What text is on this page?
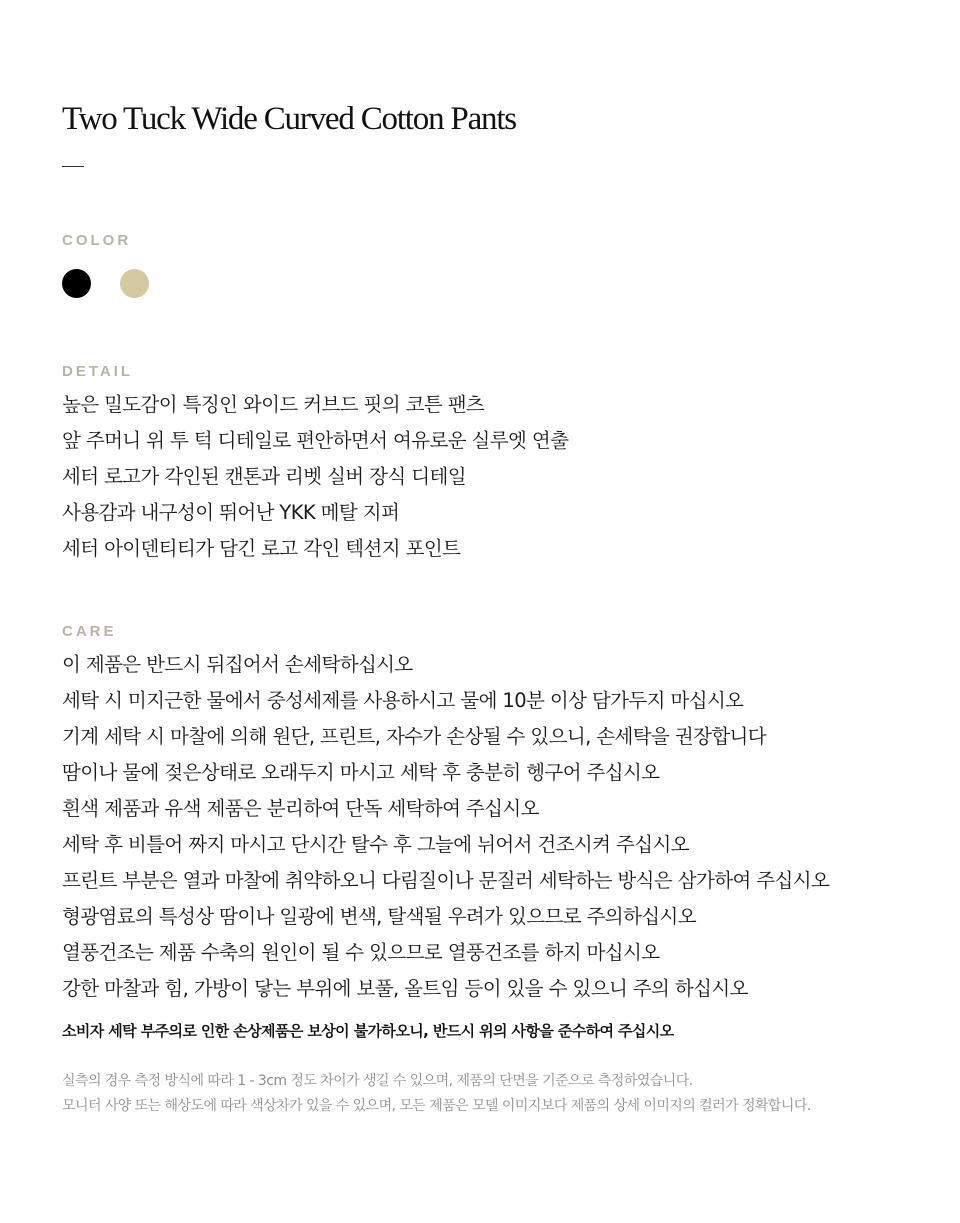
Two Tuck Wide Curved Cotton Pants
COLOR
DETAIL
높은 밀도감이 특징인 와이드 커브드 핏의 코튼 팬츠
앞 주머니 위 투 턱 디테일로 편안하면서 여유로운 실루엣 연출
세터 로고가 각인된 캔톤과 리벳 실버 장식 디테일
사용감과 내구성이 뛰어난 YKK 메탈 지퍼
세터 아이덴티티가 담긴 로고 각인 텍션지 포인트
CARE
이 제품은 반드시 뒤집어서 손세탁하십시오
세탁 시 미지근한 물에서 중성세제를 사용하시고 물에 10분 이상 담가두지 마십시오
기계 세탁 시 마찰에 의해 원단, 프린트, 자수가 손상될 수 있으니, 손세탁을 권장합니다
땀이나 물에 젖은상태로 오래두지 마시고 세탁 후 충분히 헹구어 주십시오
흰색 제품과 유색 제품은 분리하여 단독 세탁하여 주십시오
세탁 후 비틀어 짜지 마시고 단시간 탈수 후 그늘에 뉘어서 건조시켜 주십시오
프린트 부분은 열과 마찰에 취약하오니 다림질이나 문질러 세탁하는 방식은 삼가하여 주십시오
형광염료의 특성상 땀이나 일광에 변색, 탈색될 우려가 있으므로 주의하십시오
열풍건조는 제품 수축의 원인이 될 수 있으므로 열풍건조를 하지 마십시오
강한 마찰과 힘, 가방이 닿는 부위에 보풀, 올트임 등이 있을 수 있으니 주의 하십시오

소비자 세탁 부주의로 인한 손상제품은 보상이 불가하오니, 반드시 위의 사항을 준수하여 주십시오

실측의 경우 측정 방식에 따라 1 - 3cm 정도 차이가 생길 수 있으며, 제품의 단면을 기준으로 측정하였습니다.
모니터 사양 또는 해상도에 따라 색상차가 있을 수 있으며, 모든 제품은 모델 이미지보다 제품의 상세 이미지의 컬러가 정확합니다.
